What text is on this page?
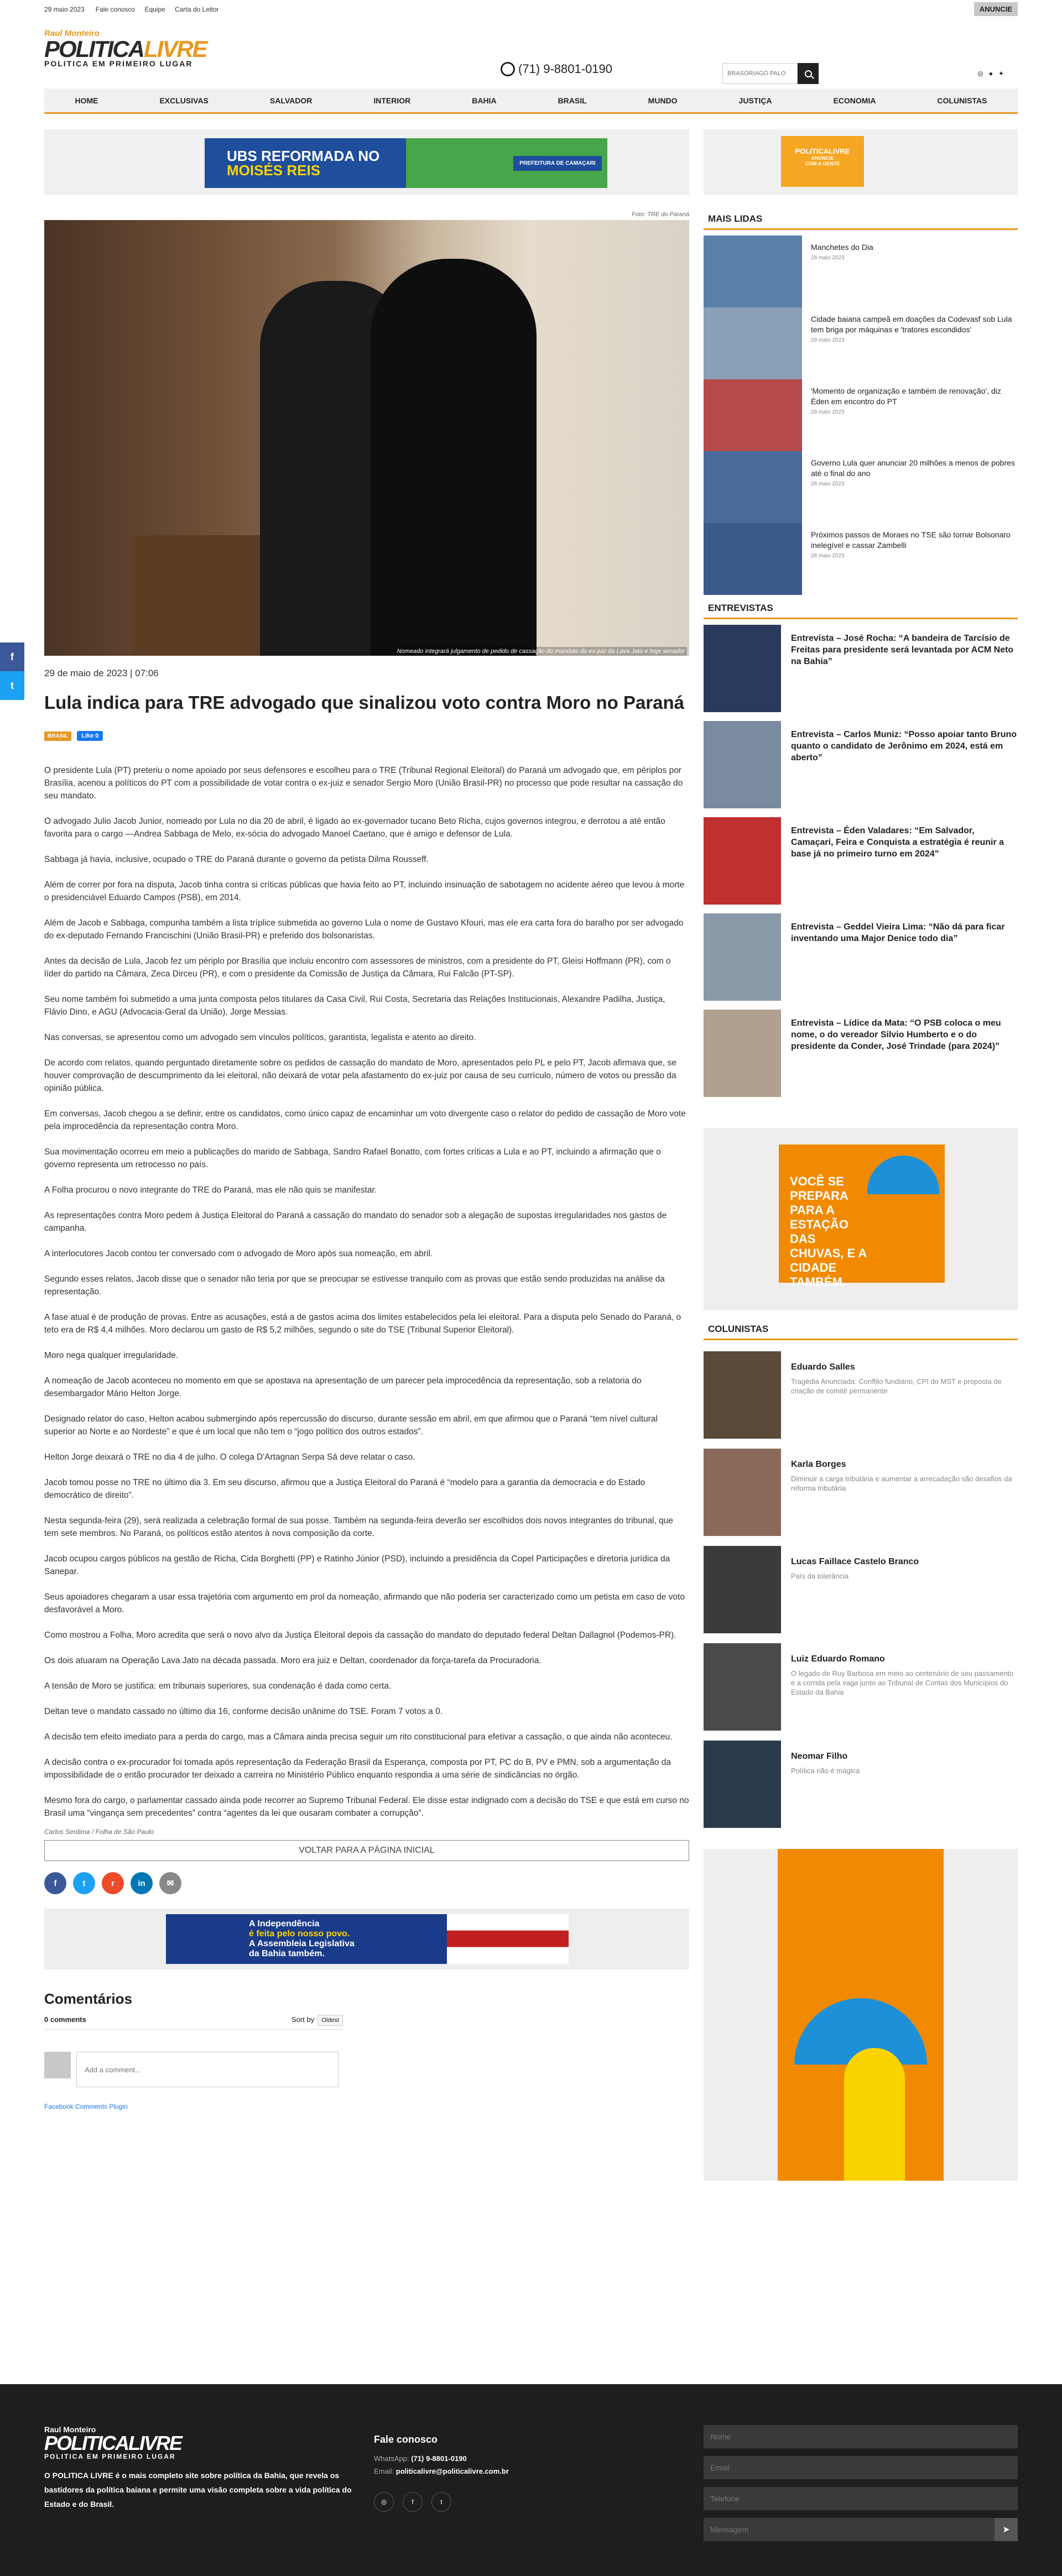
29 maio 2023 Fale conosco Equipe Carta do Leitor	ANUNCIE
Raul Monteiro
POLITICALIVRE
POLITICA EM PRIMEIRO LUGAR	(71) 9-8801-0190
BRASORIAGO PALO	◎ ● ✦
HOME	EXCLUSIVAS	SALVADOR	INTERIOR	BAHIA	BRASIL	MUNDO	JUSTIÇA	ECONOMIA	COLUNISTAS
UBS REFORMADA NO
MOISÉS REIS	PREFEITURA DE CAMAÇARI
POLITICALIVRE
ANUNCIE
COM A GENTE
f
t
Foto: TRE do Paraná
Nomeado integrará julgamento de pedido de cassação do mandato do ex-juiz da Lava Jato e hoje senador
29 de maio de 2023 | 07:06
Lula indica para TRE advogado que sinalizou voto contra Moro no Paraná
BRASIL	Like 0

O presidente Lula (PT) preteriu o nome apoiado por seus defensores e escolheu para o TRE (Tribunal Regional Eleitoral) do Paraná um advogado que, em périplos por Brasília, acenou a políticos do PT com a possibilidade de votar contra o ex-juiz e senador Sergio Moro (União Brasil-PR) no processo que pode resultar na cassação do seu mandato.

O advogado Julio Jacob Junior, nomeado por Lula no dia 20 de abril, é ligado ao ex-governador tucano Beto Richa, cujos governos integrou, e derrotou a até então favorita para o cargo —Andrea Sabbaga de Melo, ex-sócia do advogado Manoel Caetano, que é amigo e defensor de Lula.

Sabbaga já havia, inclusive, ocupado o TRE do Paraná durante o governo da petista Dilma Rousseff.

Além de correr por fora na disputa, Jacob tinha contra si críticas públicas que havia feito ao PT, incluindo insinuação de sabotagem no acidente aéreo que levou à morte o presidenciável Eduardo Campos (PSB), em 2014.

Além de Jacob e Sabbaga, compunha também a lista tríplice submetida ao governo Lula o nome de Gustavo Kfouri, mas ele era carta fora do baralho por ser advogado do ex-deputado Fernando Francischini (União Brasil-PR) e preferido dos bolsonaristas.

Antes da decisão de Lula, Jacob fez um périplo por Brasília que incluiu encontro com assessores de ministros, com a presidente do PT, Gleisi Hoffmann (PR), com o líder do partido na Câmara, Zeca Dirceu (PR), e com o presidente da Comissão de Justiça da Câmara, Rui Falcão (PT-SP).

Seu nome também foi submetido a uma junta composta pelos titulares da Casa Civil, Rui Costa, Secretaria das Relações Institucionais, Alexandre Padilha, Justiça, Flávio Dino, e AGU (Advocacia-Geral da União), Jorge Messias.

Nas conversas, se apresentou como um advogado sem vínculos políticos, garantista, legalista e atento ao direito.

De acordo com relatos, quando perguntado diretamente sobre os pedidos de cassação do mandato de Moro, apresentados pelo PL e pelo PT, Jacob afirmava que, se houver comprovação de descumprimento da lei eleitoral, não deixará de votar pela afastamento do ex-juiz por causa de seu currículo, número de votos ou pressão da opinião pública.

Em conversas, Jacob chegou a se definir, entre os candidatos, como único capaz de encaminhar um voto divergente caso o relator do pedido de cassação de Moro vote pela improcedência da representação contra Moro.

Sua movimentação ocorreu em meio a publicações do marido de Sabbaga, Sandro Rafael Bonatto, com fortes críticas a Lula e ao PT, incluindo a afirmação que o governo representa um retrocesso no país.

A Folha procurou o novo integrante do TRE do Paraná, mas ele não quis se manifestar.

As representações contra Moro pedem à Justiça Eleitoral do Paraná a cassação do mandato do senador sob a alegação de supostas irregularidades nos gastos de campanha.

A interlocutores Jacob contou ter conversado com o advogado de Moro após sua nomeação, em abril.

Segundo esses relatos, Jacob disse que o senador não teria por que se preocupar se estivesse tranquilo com as provas que estão sendo produzidas na análise da representação.

A fase atual é de produção de provas. Entre as acusações, está a de gastos acima dos limites estabelecidos pela lei eleitoral. Para a disputa pelo Senado do Paraná, o teto era de R$ 4,4 milhões. Moro declarou um gasto de R$ 5,2 milhões, segundo o site do TSE (Tribunal Superior Eleitoral).

Moro nega qualquer irregularidade.

A nomeação de Jacob aconteceu no momento em que se apostava na apresentação de um parecer pela improcedência da representação, sob a relatoria do desembargador Mário Helton Jorge.

Designado relator do caso, Helton acabou submergindo após repercussão do discurso, durante sessão em abril, em que afirmou que o Paraná “tem nível cultural superior ao Norte e ao Nordeste” e que é um local que não tem o “jogo político dos outros estados”.

Helton Jorge deixará o TRE no dia 4 de julho. O colega D'Artagnan Serpa Sá deve relatar o caso.

Jacob tomou posse no TRE no último dia 3. Em seu discurso, afirmou que a Justiça Eleitoral do Paraná é “modelo para a garantia da democracia e do Estado democrático de direito”.

Nesta segunda-feira (29), será realizada a celebração formal de sua posse. Também na segunda-feira deverão ser escolhidos dois novos integrantes do tribunal, que tem sete membros. No Paraná, os políticos estão atentos à nova composição da corte.

Jacob ocupou cargos públicos na gestão de Richa, Cida Borghetti (PP) e Ratinho Júnior (PSD), incluindo a presidência da Copel Participações e diretoria jurídica da Sanepar.

Seus apoiadores chegaram a usar essa trajetória com argumento em prol da nomeação, afirmando que não poderia ser caracterizado como um petista em caso de voto desfavorável a Moro.

Como mostrou a Folha, Moro acredita que será o novo alvo da Justiça Eleitoral depois da cassação do mandato do deputado federal Deltan Dallagnol (Podemos-PR).

Os dois atuaram na Operação Lava Jato na década passada. Moro era juiz e Deltan, coordenador da força-tarefa da Procuradoria.

A tensão de Moro se justifica: em tribunais superiores, sua condenação é dada como certa.

Deltan teve o mandato cassado no último dia 16, conforme decisão unânime do TSE. Foram 7 votos a 0.

A decisão tem efeito imediato para a perda do cargo, mas a Câmara ainda precisa seguir um rito constitucional para efetivar a cassação, o que ainda não aconteceu.

A decisão contra o ex-procurador foi tomada após representação da Federação Brasil da Esperança, composta por PT, PC do B, PV e PMN, sob a argumentação da impossibilidade de o então procurador ter deixado a carreira no Ministério Público enquanto respondia a uma série de sindicâncias no órgão.

Mesmo fora do cargo, o parlamentar cassado ainda pode recorrer ao Supremo Tribunal Federal. Ele disse estar indignado com a decisão do TSE e que está em curso no Brasil uma “vingança sem precedentes” contra “agentes da lei que ousaram combater a corrupção”.

Carlos Serdima / Folha de São Paulo
VOLTAR PARA A PÁGINA INICIAL
f	t	r	in	✉
A Independência
é feita pelo nosso povo.
A Assembleia Legislativa
da Bahia também.
Comentários
0 comments	Sort by Oldest
Add a comment...
Facebook Comments Plugin
MAIS LIDAS
Manchetes do Dia
28 maio 2023
Cidade baiana campeã em doações da Codevasf sob Lula tem briga por máquinas e 'tratores escondidos'
28 maio 2023
'Momento de organização e também de renovação', diz Éden em encontro do PT
28 maio 2023
Governo Lula quer anunciar 20 milhões a menos de pobres até o final do ano
28 maio 2023
Próximos passos de Moraes no TSE são tornar Bolsonaro inelegível e cassar Zambelli
28 maio 2023
ENTREVISTAS
Entrevista – José Rocha: “A bandeira de Tarcísio de Freitas para presidente será levantada por ACM Neto na Bahia”
Entrevista – Carlos Muniz: “Posso apoiar tanto Bruno quanto o candidato de Jerônimo em 2024, está em aberto”
Entrevista – Éden Valadares: “Em Salvador, Camaçari, Feira e Conquista a estratégia é reunir a base já no primeiro turno em 2024”
Entrevista – Geddel Vieira Lima: “Não dá para ficar inventando uma Major Denice todo dia”
Entrevista – Lídice da Mata: “O PSB coloca o meu nome, o do vereador Silvio Humberto e o do presidente da Conder, José Trindade (para 2024)”
VOCÊ SE PREPARA PARA A ESTAÇÃO DAS CHUVAS, E A CIDADE TAMBÉM.
COLUNISTAS
Eduardo Salles
Tragédia Anunciada: Conflito fundiário, CPI do MST e proposta de criação de comitê permanente
Karla Borges
Diminuir a carga tributária e aumentar a arrecadação são desafios da reforma tributária
Lucas Faillace Castelo Branco
País da tolerância
Luiz Eduardo Romano
O legado de Ruy Barbosa em meio ao centenário de seu passamento e a corrida pela vaga junto ao Tribunal de Contas dos Municípios do Estado da Bahia
Neomar Filho
Política não é mágica
Raul Monteiro
POLITICALIVRE
POLITICA EM PRIMEIRO LUGAR
O POLITICA LIVRE é o mais completo site sobre política da Bahia, que revela os bastidores da política baiana e permite uma visão completa sobre a vida política do Estado e do Brasil.
Fale conosco
WhatsApp: (71) 9-8801-0190
Email: politicalivre@politicalivre.com.br
◎	f	t
Nome
Email
Telefone
Mensagem
➤
